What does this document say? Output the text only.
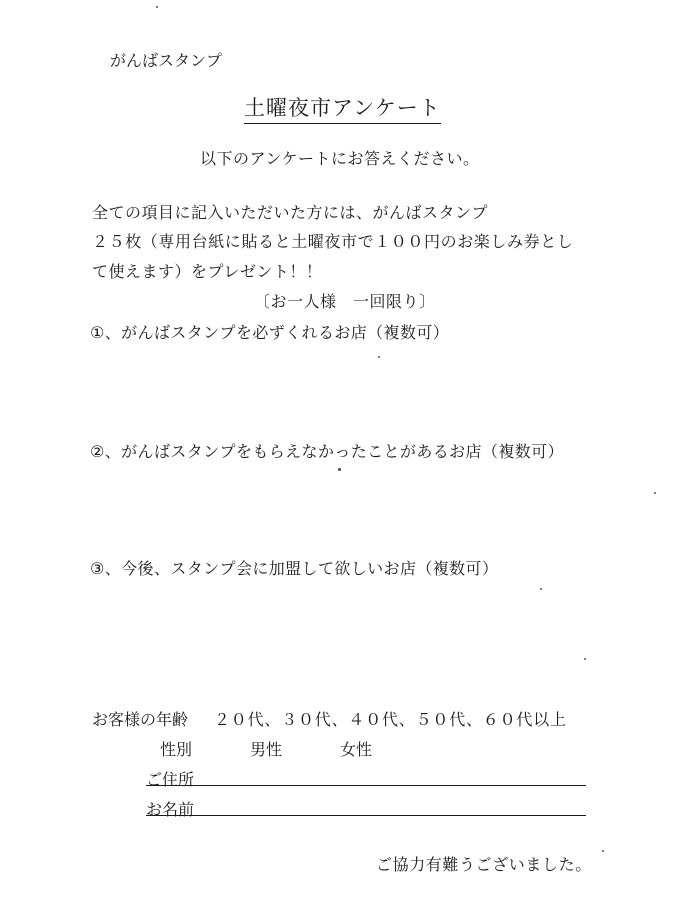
がんばスタンプ
土曜夜市アンケート
以下のアンケートにお答えください。
全ての項目に記入いただいた方には、がんばスタンプ
２５枚（専用台紙に貼ると土曜夜市で１００円のお楽しみ券とし
て使えます）をプレゼント！！
〔お一人様　一回限り〕
①、がんばスタンプを必ずくれるお店（複数可）
②、がんばスタンプをもらえなかったことがあるお店（複数可）
③、今後、スタンプ会に加盟して欲しいお店（複数可）
お客様の年齢 ２０代、３０代、４０代、５０代、６０代以上
性別	男性	女性
ご住所
お名前
ご協力有難うございました。
